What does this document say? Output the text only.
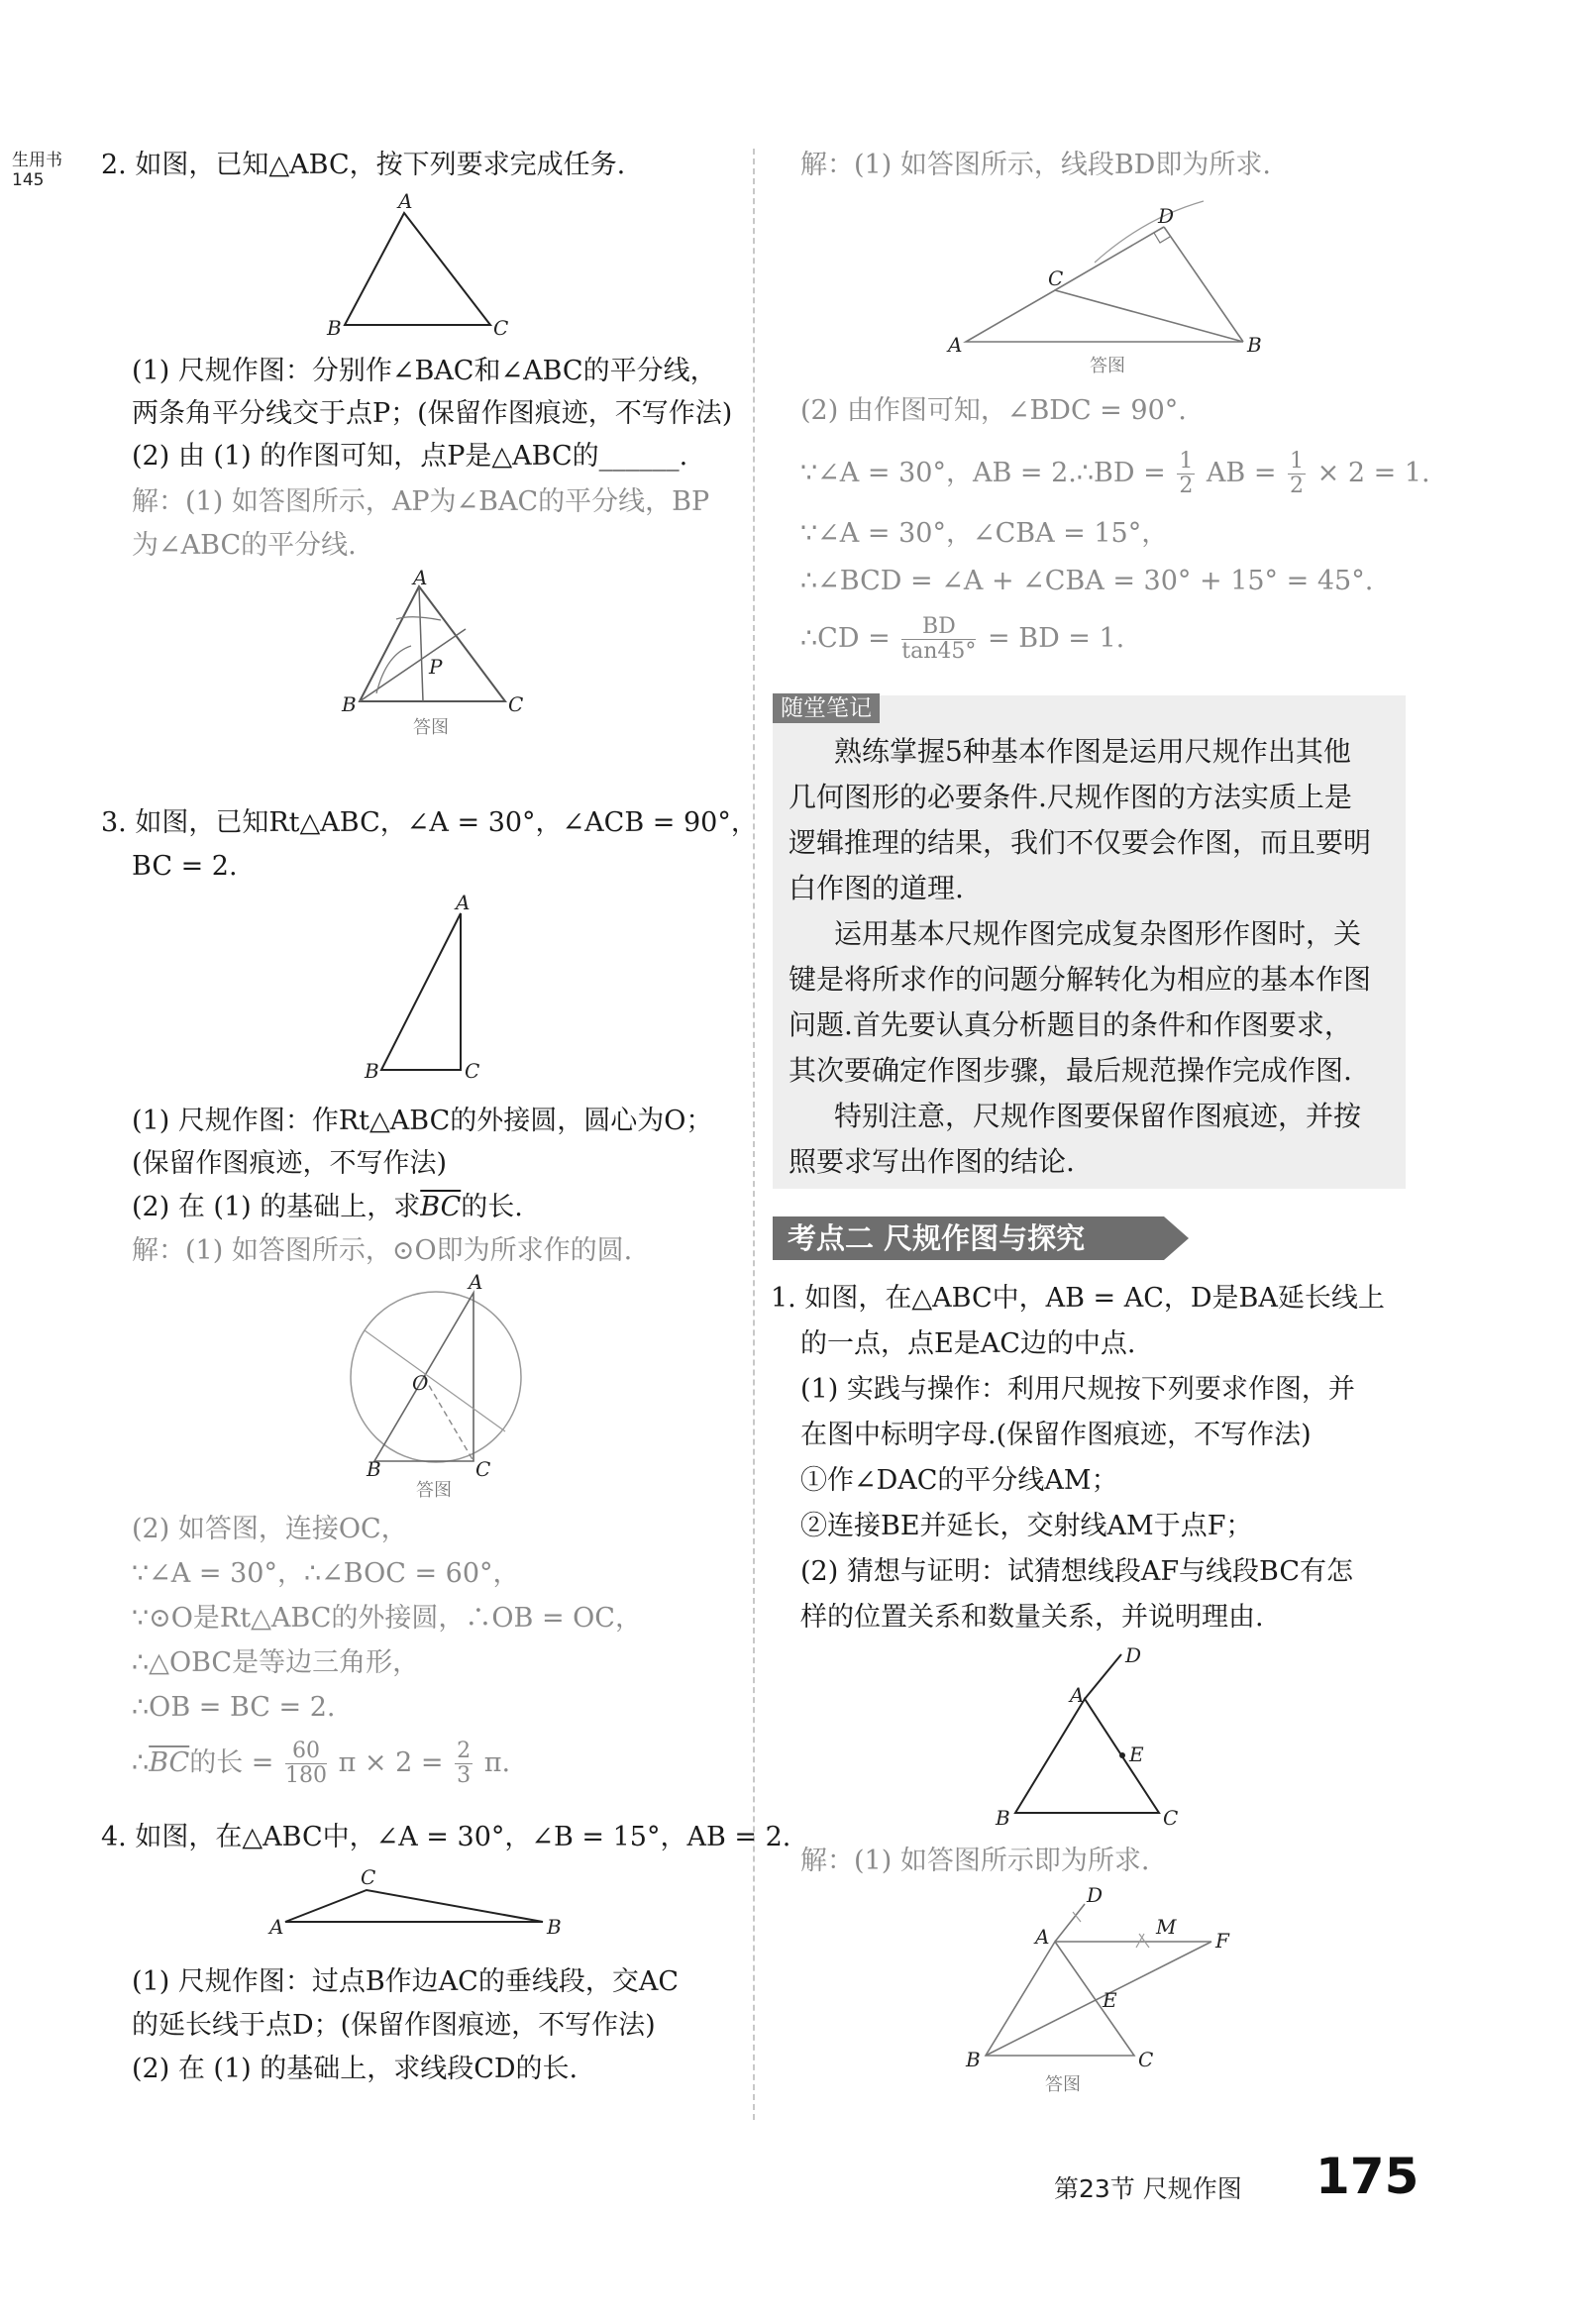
生用书
145	2. 如图，已知△ABC，按下列要求完成任务.
A
B	C
(1) 尺规作图：分别作∠BAC和∠ABC的平分线，
两条角平分线交于点P；(保留作图痕迹，不写作法)
(2) 由 (1) 的作图可知，点P是△ABC的______.
解：(1) 如答图所示，AP为∠BAC的平分线，BP
为∠ABC的平分线.
A
B	C
P
答图
3. 如图，已知Rt△ABC，∠A = 30°，∠ACB = 90°，
BC = 2.
A
B	C
(1) 尺规作图：作Rt△ABC的外接圆，圆心为O；
(保留作图痕迹，不写作法)
(2) 在 (1) 的基础上，求$\overline{BC}$的长.
解：(1) 如答图所示，⊙O即为所求作的圆.
A
O
B	C
答图
(2) 如答图，连接OC，
∵∠A = 30°，∴∠BOC = 60°，
∵⊙O是Rt△ABC的外接圆，∴OB = OC，
∴△OBC是等边三角形，
∴OB = BC = 2.
$\therefore\overline{BC}$的长 = $\frac{60}{180}$ $\pi \times 2 = \frac{2}{3} \pi$.
4. 如图，在△ABC中，∠A = 30°，∠B = 15°，AB = 2.
C
A	B
(1) 尺规作图：过点B作边AC的垂线段，交AC
的延长线于点D；(保留作图痕迹，不写作法)
(2) 在 (1) 的基础上，求线段CD的长.
解：(1) 如答图所示，线段BD即为所求.
D
C
A	B
答图
(2) 由作图可知，∠BDC = 90°.
∵∠A = 30°，AB = 2.∴BD = $\frac{1}{2}$ AB = $\frac{1}{2} \times 2 = 1$.
∵∠A = 30°，∠CBA = 15°，
∴∠BCD = ∠A + ∠CBA = 30° + 15° = 45°.
∴CD = $\frac{BD}{\tan 45^\circ}$ = BD = 1.
随堂笔记
熟练掌握5种基本作图是运用尺规作出其他
几何图形的必要条件.尺规作图的方法实质上是
逻辑推理的结果，我们不仅要会作图，而且要明
白作图的道理.
运用基本尺规作图完成复杂图形作图时，关
键是将所求作的问题分解转化为相应的基本作图
问题.首先要认真分析题目的条件和作图要求，
其次要确定作图步骤，最后规范操作完成作图.
特别注意，尺规作图要保留作图痕迹，并按
照要求写出作图的结论.
考点二 尺规作图与探究
1. 如图，在△ABC中，AB = AC，D是BA延长线上
的一点，点E是AC边的中点.
(1) 实践与操作：利用尺规按下列要求作图，并
在图中标明字母.(保留作图痕迹，不写作法)
①作∠DAC的平分线AM；
②连接BE并延长，交射线AM于点F；
(2) 猜想与证明：试猜想线段AF与线段BC有怎
样的位置关系和数量关系，并说明理由.
D
A
E
B	C
解：(1) 如答图所示即为所求.
D
A	M
F
E
B	C
答图
第23节 尺规作图 175
